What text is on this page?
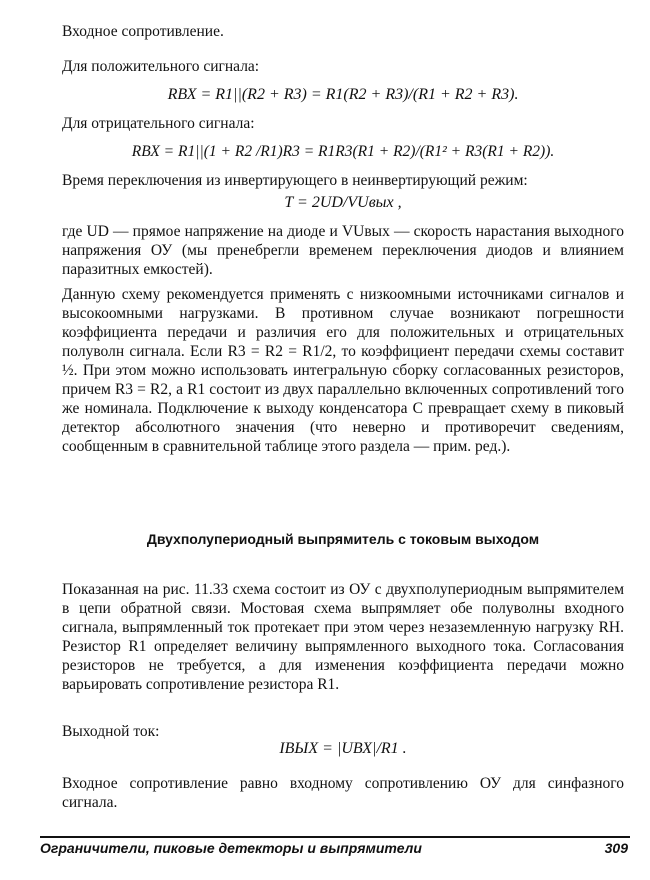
Входное сопротивление.
Для положительного сигнала:
RВХ = R1||(R2 + R3) = R1(R2 + R3)/(R1 + R2 + R3).
Для отрицательного сигнала:
RВХ = R1||(1 + R2 /R1)R3 = R1R3(R1 + R2)/(R1² + R3(R1 + R2)).
Время переключения из инвертирующего в неинвертирующий режим:
T = 2UD/VUвых ,
где UD — прямое напряжение на диоде и VUвых — скорость нарастания выходного напряжения ОУ (мы пренебрегли временем переключения диодов и влиянием паразитных емкостей).
Данную схему рекомендуется применять с низкоомными источниками сигналов и высокоомными нагрузками. В противном случае возникают погрешности коэффициента передачи и различия его для положительных и отрицательных полуволн сигнала. Если R3 = R2 = R1/2, то коэффициент передачи схемы составит ½. При этом можно использовать интегральную сборку согласованных резисторов, причем R3 = R2, а R1 состоит из двух параллельно включенных сопротивлений того же номинала. Подключение к выходу конденсатора C превращает схему в пиковый детектор абсолютного значения (что неверно и противоречит сведениям, сообщенным в сравнительной таблице этого раздела — прим. ред.).
Двухполупериодный выпрямитель с токовым выходом
Показанная на рис. 11.33 схема состоит из ОУ с двухполупериодным выпрямителем в цепи обратной связи. Мостовая схема выпрямляет обе полуволны входного сигнала, выпрямленный ток протекает при этом через незаземленную нагрузку RН. Резистор R1 определяет величину выпрямленного выходного тока. Согласования резисторов не требуется, а для изменения коэффициента передачи можно варьировать сопротивление резистора R1.
Выходной ток:
IВЫХ = |UВХ|/R1 .
Входное сопротивление равно входному сопротивлению ОУ для синфазного сигнала.
Ограничители, пиковые детекторы и выпрямители	309
